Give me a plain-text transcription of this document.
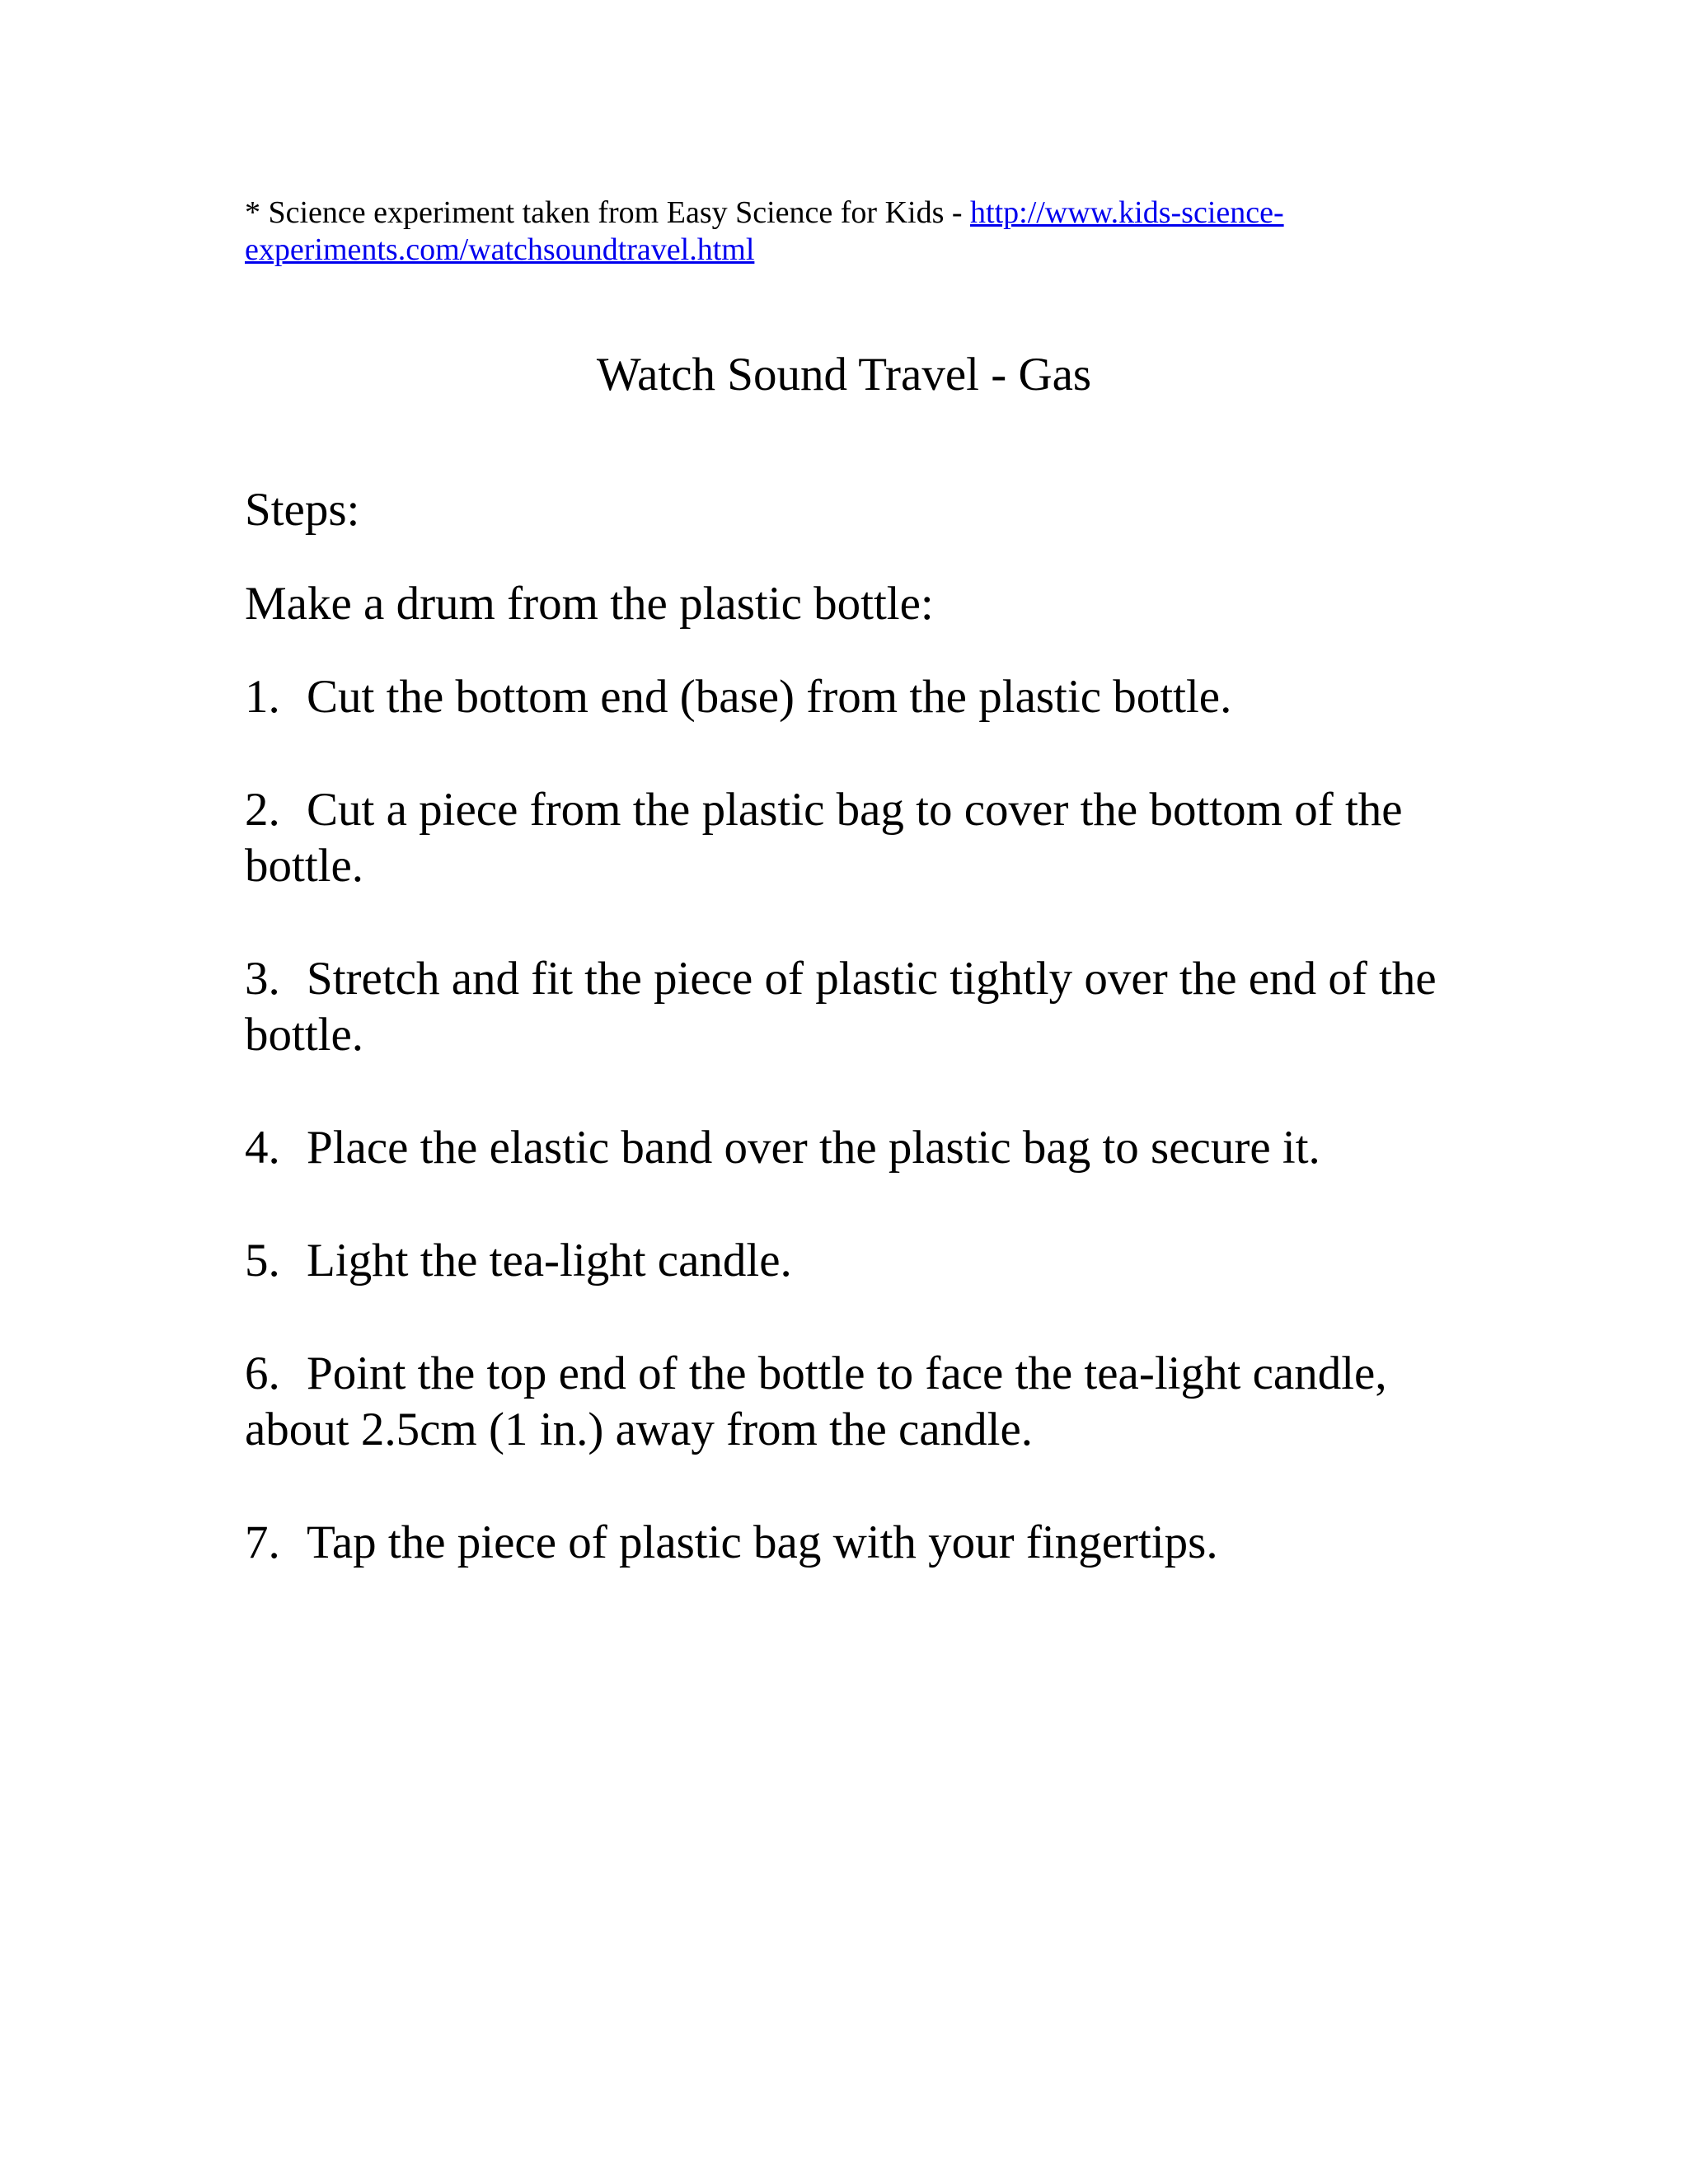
* Science experiment taken from Easy Science for Kids - http://www.kids-science-experiments.com/watchsoundtravel.html
Watch Sound Travel - Gas
Steps:
Make a drum from the plastic bottle:
1. Cut the bottom end (base) from the plastic bottle.
2. Cut a piece from the plastic bag to cover the bottom of the bottle.
3. Stretch and fit the piece of plastic tightly over the end of the bottle.
4. Place the elastic band over the plastic bag to secure it.
5. Light the tea-light candle.
6. Point the top end of the bottle to face the tea-light candle, about 2.5cm (1 in.) away from the candle.
7. Tap the piece of plastic bag with your fingertips.
